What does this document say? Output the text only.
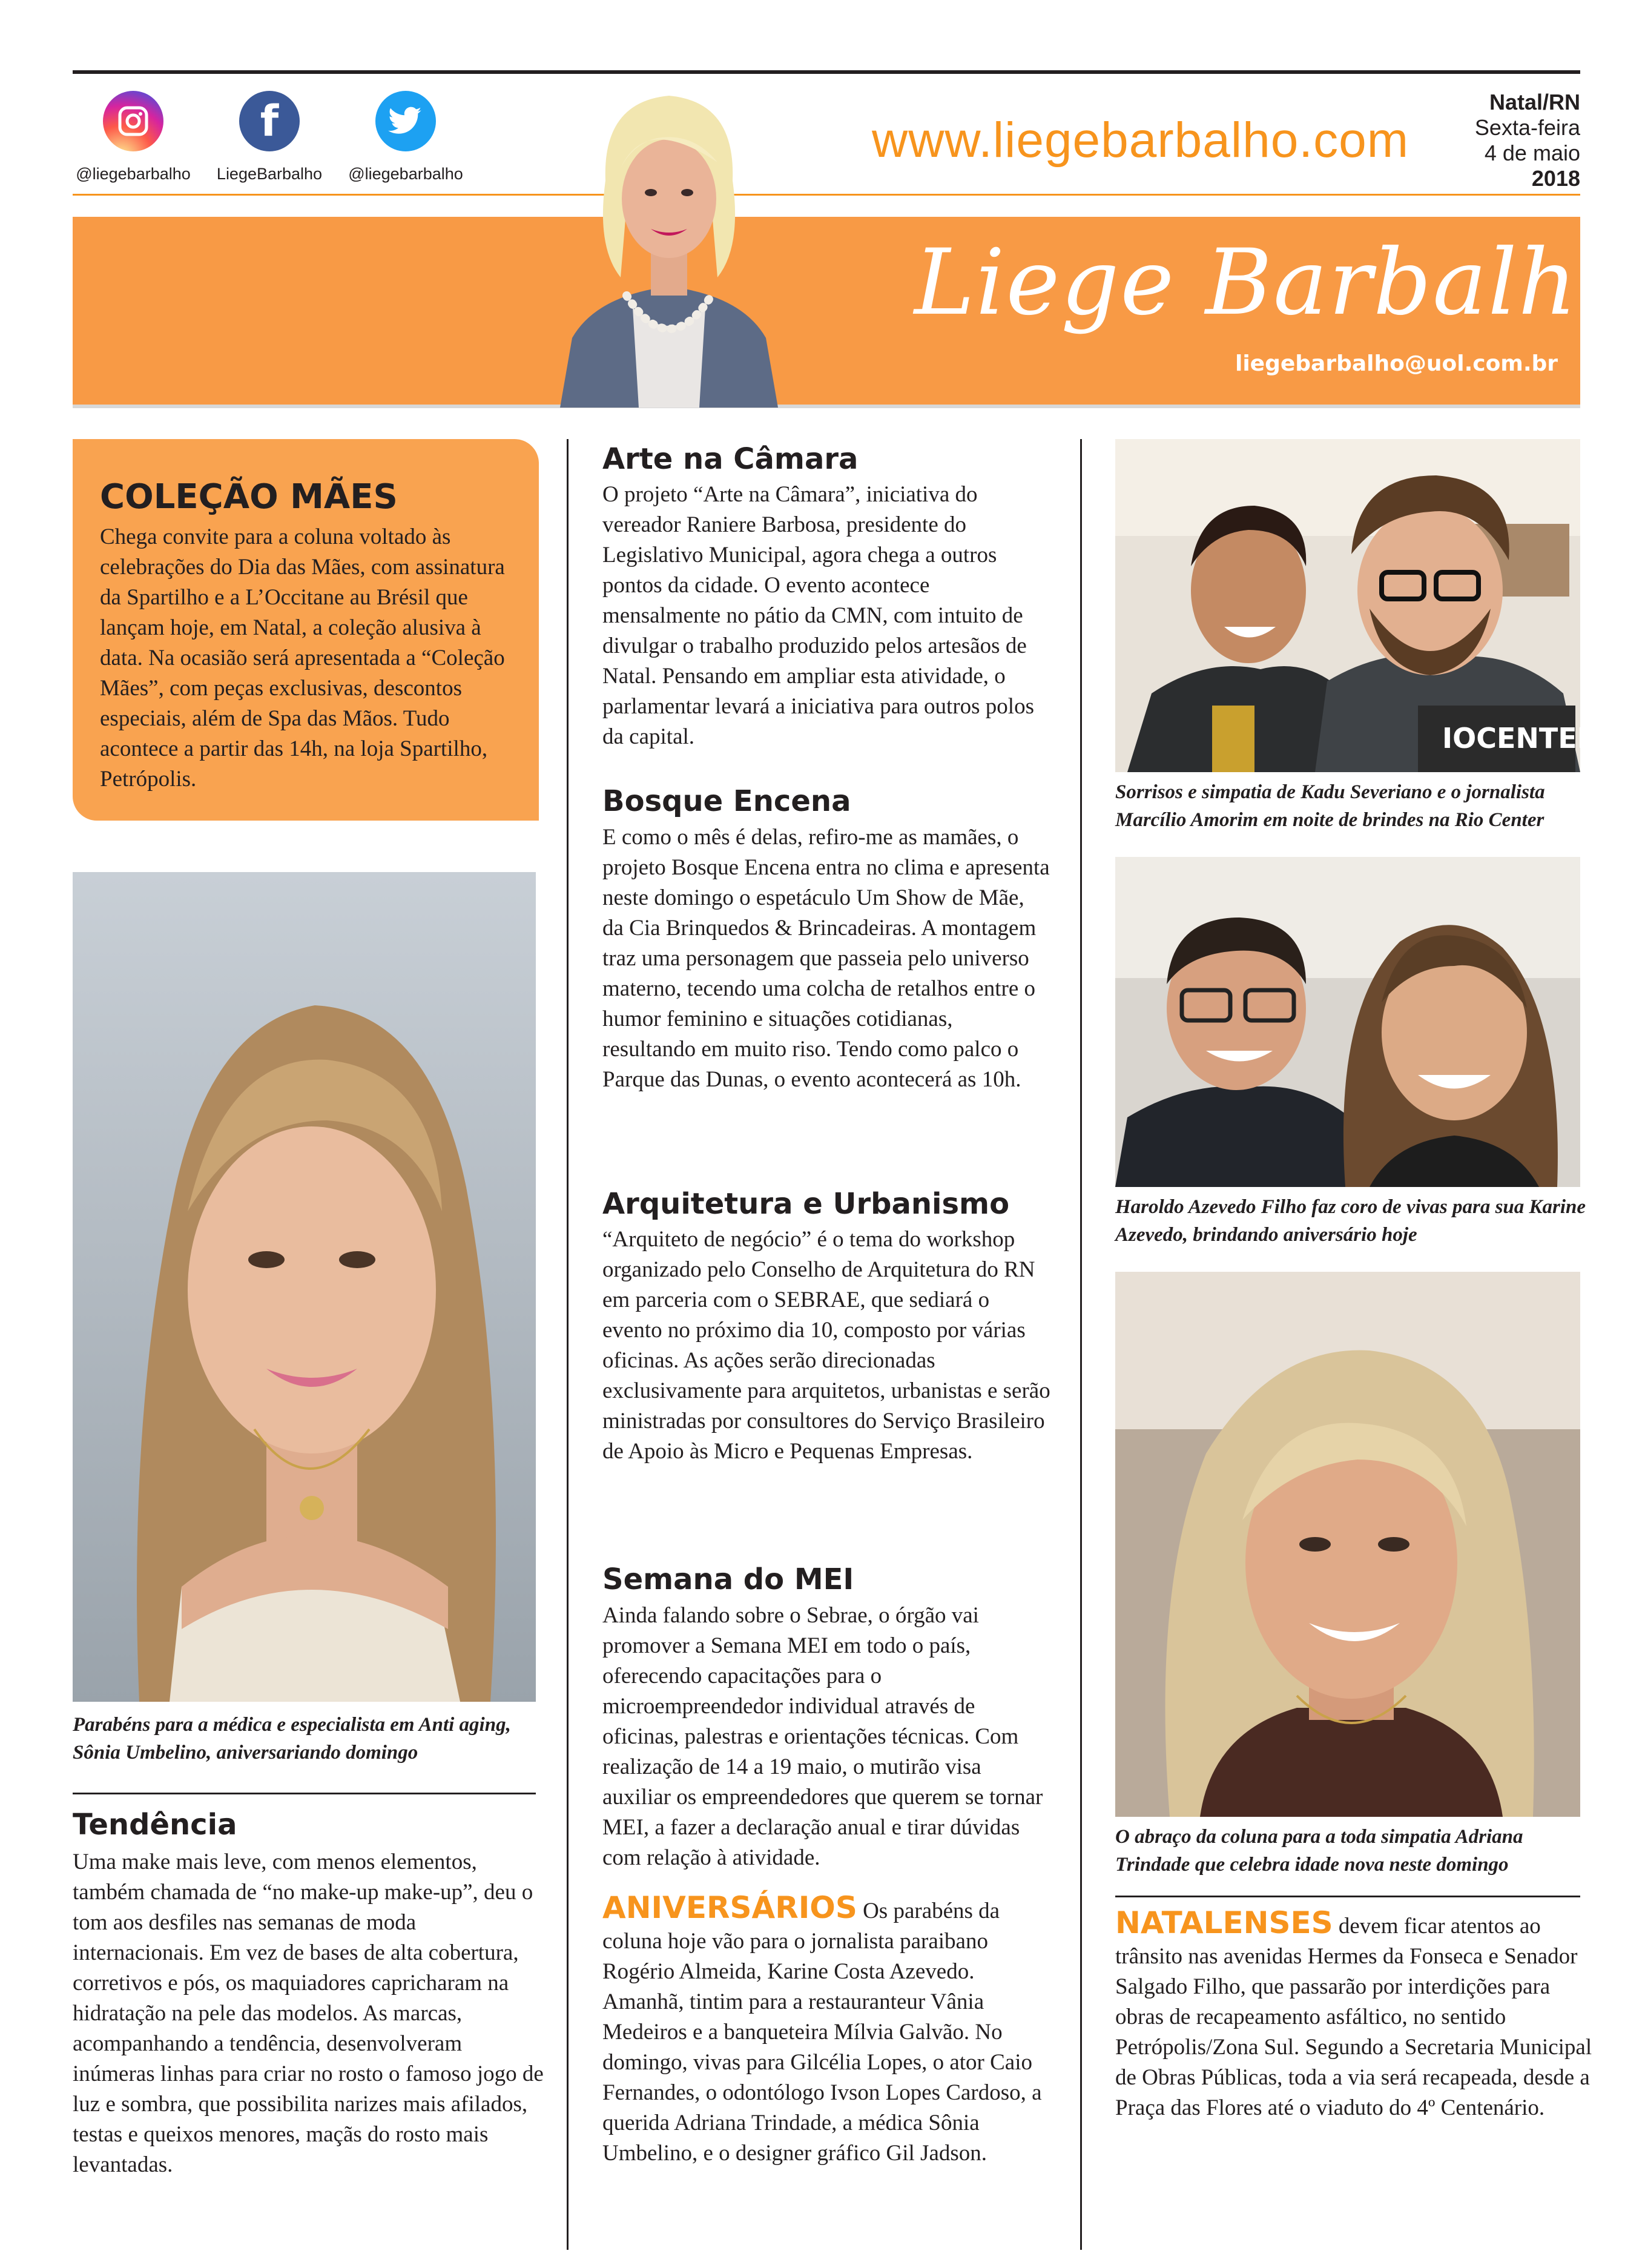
@liegebarbalho
f
LiegeBarbalho	@liegebarbalho
www.liegebarbalho.com
Natal/RN
Sexta-feira
4 de maio
2018
Liege Barbalho
liegebarbalho@uol.com.br
COLEÇÃO MÃES

Chega convite para a coluna voltado às celebrações do Dia das Mães, com assinatura da Spartilho e a L’Occitane au Brésil que lançam hoje, em Natal, a coleção alusiva à data. Na ocasião será apresentada a “Coleção Mães”, com peças exclusivas, descontos especiais, além de Spa das Mãos. Tudo acontece a partir das 14h, na loja Spartilho, Petrópolis.

Parabéns para a médica e especialista em Anti aging, Sônia Umbelino, aniversariando domingo
Tendência

Uma make mais leve, com menos elementos, também chamada de “no make-up make-up”, deu o tom aos desfiles nas semanas de moda internacionais. Em vez de bases de alta cobertura, corretivos e pós, os maquiadores capricharam na hidratação na pele das modelos. As marcas, acompanhando a tendência, desenvolveram inúmeras linhas para criar no rosto o famoso jogo de luz e sombra, que possibilita narizes mais afilados, testas e queixos menores, maçãs do rosto mais levantadas.

Arte na Câmara

O projeto “Arte na Câmara”, iniciativa do vereador Raniere Barbosa, presidente do Legislativo Municipal, agora chega a outros pontos da cidade. O evento acontece mensalmente no pátio da CMN, com intuito de divulgar o trabalho produzido pelos artesãos de Natal. Pensando em ampliar esta atividade, o parlamentar levará a iniciativa para outros polos da capital.

Bosque Encena

E como o mês é delas, refiro-me as mamães, o projeto Bosque Encena entra no clima e apresenta neste domingo o espetáculo Um Show de Mãe, da Cia Brinquedos & Brincadeiras. A montagem traz uma personagem que passeia pelo universo materno, tecendo uma colcha de retalhos entre o humor feminino e situações cotidianas, resultando em muito riso. Tendo como palco o Parque das Dunas, o evento acontecerá as 10h.

Arquitetura e Urbanismo

“Arquiteto de negócio” é o tema do workshop organizado pelo Conselho de Arquitetura do RN em parceria com o SEBRAE, que sediará o evento no próximo dia 10, composto por várias oficinas. As ações serão direcionadas exclusivamente para arquitetos, urbanistas e serão ministradas por consultores do Serviço Brasileiro de Apoio às Micro e Pequenas Empresas.

Semana do MEI

Ainda falando sobre o Sebrae, o órgão vai promover a Semana MEI em todo o país, oferecendo capacitações para o microempreendedor individual através de oficinas, palestras e orientações técnicas. Com realização de 14 a 19 maio, o mutirão visa auxiliar os empreendedores que querem se tornar MEI, a fazer a declaração anual e tirar dúvidas com relação à atividade.

ANIVERSÁRIOS Os parabéns da coluna hoje vão para o jornalista paraibano Rogério Almeida, Karine Costa Azevedo. Amanhã, tintim para a restauranteur Vânia Medeiros e a banqueteira Mílvia Galvão. No domingo, vivas para Gilcélia Lopes, o ator Caio Fernandes, o odontólogo Ivson Lopes Cardoso, a querida Adriana Trindade, a médica Sônia Umbelino, e o designer gráfico Gil Jadson.

IOCENTER
Sorrisos e simpatia de Kadu Severiano e o jornalista Marcílio Amorim em noite de brindes na Rio Center
Haroldo Azevedo Filho faz coro de vivas para sua Karine Azevedo, brindando aniversário hoje
O abraço da coluna para a toda simpatia Adriana Trindade que celebra idade nova neste domingo

NATALENSES devem ficar atentos ao trânsito nas avenidas Hermes da Fonseca e Senador Salgado Filho, que passarão por interdições para obras de recapeamento asfáltico, no sentido Petrópolis/Zona Sul. Segundo a Secretaria Municipal de Obras Públicas, toda a via será recapeada, desde a Praça das Flores até o viaduto do 4º Centenário.
